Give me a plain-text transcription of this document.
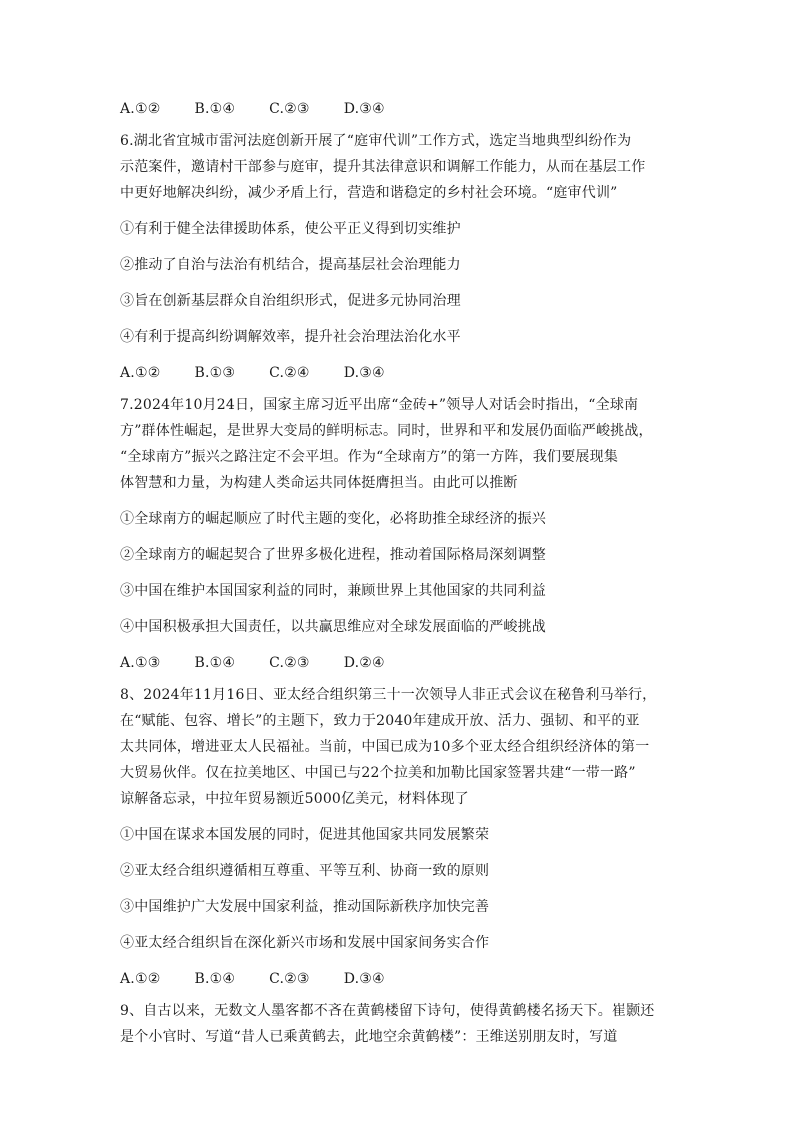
A.①② B.①④ C.②③ D.③④
6.湖北省宜城市雷河法庭创新开展了“庭审代训”工作方式，选定当地典型纠纷作为
示范案件，邀请村干部参与庭审，提升其法律意识和调解工作能力，从而在基层工作
中更好地解决纠纷，减少矛盾上行，营造和谐稳定的乡村社会环境。“庭审代训”
①有利于健全法律援助体系，使公平正义得到切实维护
②推动了自治与法治有机结合，提高基层社会治理能力
③旨在创新基层群众自治组织形式，促进多元协同治理
④有利于提高纠纷调解效率，提升社会治理法治化水平
A.①② B.①③ C.②④ D.③④
7.2024年10月24日，国家主席习近平出席“金砖+”领导人对话会时指出，“全球南
方”群体性崛起，是世界大变局的鲜明标志。同时，世界和平和发展仍面临严峻挑战，
“全球南方”振兴之路注定不会平坦。作为“全球南方”的第一方阵，我们要展现集
体智慧和力量，为构建人类命运共同体挺膺担当。由此可以推断
①全球南方的崛起顺应了时代主题的变化，必将助推全球经济的振兴
②全球南方的崛起契合了世界多极化进程，推动着国际格局深刻调整
③中国在维护本国国家利益的同时，兼顾世界上其他国家的共同利益
④中国积极承担大国责任，以共赢思维应对全球发展面临的严峻挑战
A.①③ B.①④ C.②③ D.②④
8、2024年11月16日、亚太经合组织第三十一次领导人非正式会议在秘鲁利马举行，
在“赋能、包容、增长”的主题下，致力于2040年建成开放、活力、强韧、和平的亚
太共同体，增进亚太人民福祉。当前，中国已成为10多个亚太经合组织经济体的第一
大贸易伙伴。仅在拉美地区、中国已与22个拉美和加勒比国家签署共建“一带一路”
谅解备忘录，中拉年贸易额近5000亿美元，材料体现了
①中国在谋求本国发展的同时，促进其他国家共同发展繁荣
②亚太经合组织遵循相互尊重、平等互利、协商一致的原则
③中国维护广大发展中国家利益，推动国际新秩序加快完善
④亚太经合组织旨在深化新兴市场和发展中国家间务实合作
A.①② B.①④ C.②③ D.③④
9、自古以来，无数文人墨客都不吝在黄鹤楼留下诗句，使得黄鹤楼名扬天下。崔颢还
是个小官时、写道“昔人已乘黄鹤去，此地空余黄鹤楼”：王维送别朋友时，写道
